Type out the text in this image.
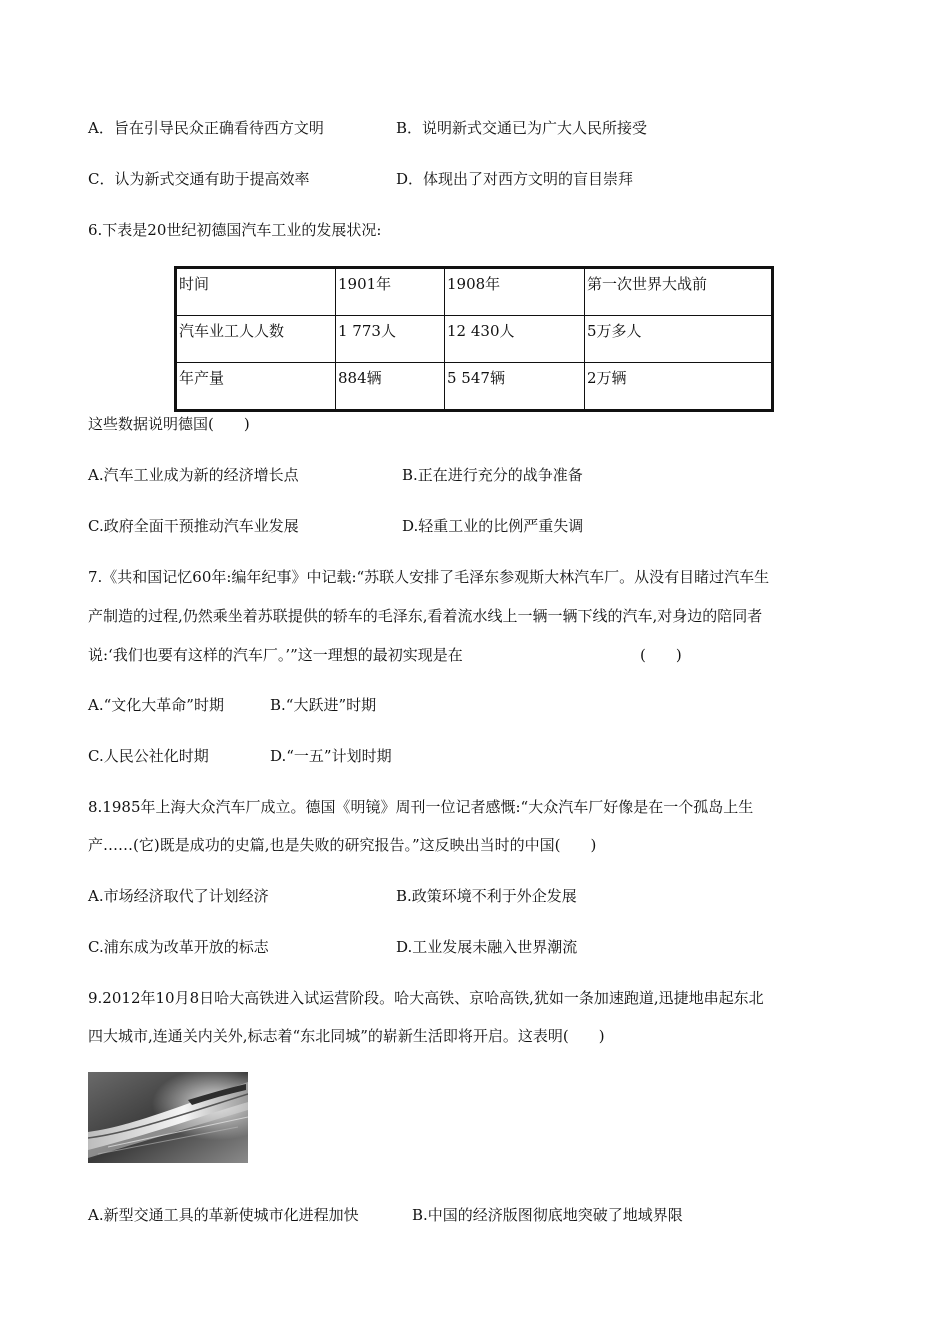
A．旨在引导民众正确看待西方文明	B．说明新式交通已为广大人民所接受
C．认为新式交通有助于提高效率	D．体现出了对西方文明的盲目崇拜
6.下表是20世纪初德国汽车工业的发展状况:
时间	1901年	1908年	第一次世界大战前
汽车业工人人数	1 773人	12 430人	5万多人
年产量	884辆	5 547辆	2万辆
这些数据说明德国(　　)
A.汽车工业成为新的经济增长点	B.正在进行充分的战争准备
C.政府全面干预推动汽车业发展	D.轻重工业的比例严重失调
7.《共和国记忆60年:编年纪事》中记载:“苏联人安排了毛泽东参观斯大林汽车厂。从没有目睹过汽车生
产制造的过程,仍然乘坐着苏联提供的轿车的毛泽东,看着流水线上一辆一辆下线的汽车,对身边的陪同者
说:‘我们也要有这样的汽车厂。’”这一理想的最初实现是在	(　　)
A.“文化大革命”时期	B.“大跃进”时期
C.人民公社化时期	D.“一五”计划时期
8.1985年上海大众汽车厂成立。德国《明镜》周刊一位记者感慨:“大众汽车厂好像是在一个孤岛上生
产……(它)既是成功的史篇,也是失败的研究报告。”这反映出当时的中国(　　)
A.市场经济取代了计划经济	B.政策环境不利于外企发展
C.浦东成为改革开放的标志	D.工业发展未融入世界潮流
9.2012年10月8日哈大高铁进入试运营阶段。哈大高铁、京哈高铁,犹如一条加速跑道,迅捷地串起东北
四大城市,连通关内关外,标志着“东北同城”的崭新生活即将开启。这表明(　　)
A.新型交通工具的革新使城市化进程加快	B.中国的经济版图彻底地突破了地域界限
